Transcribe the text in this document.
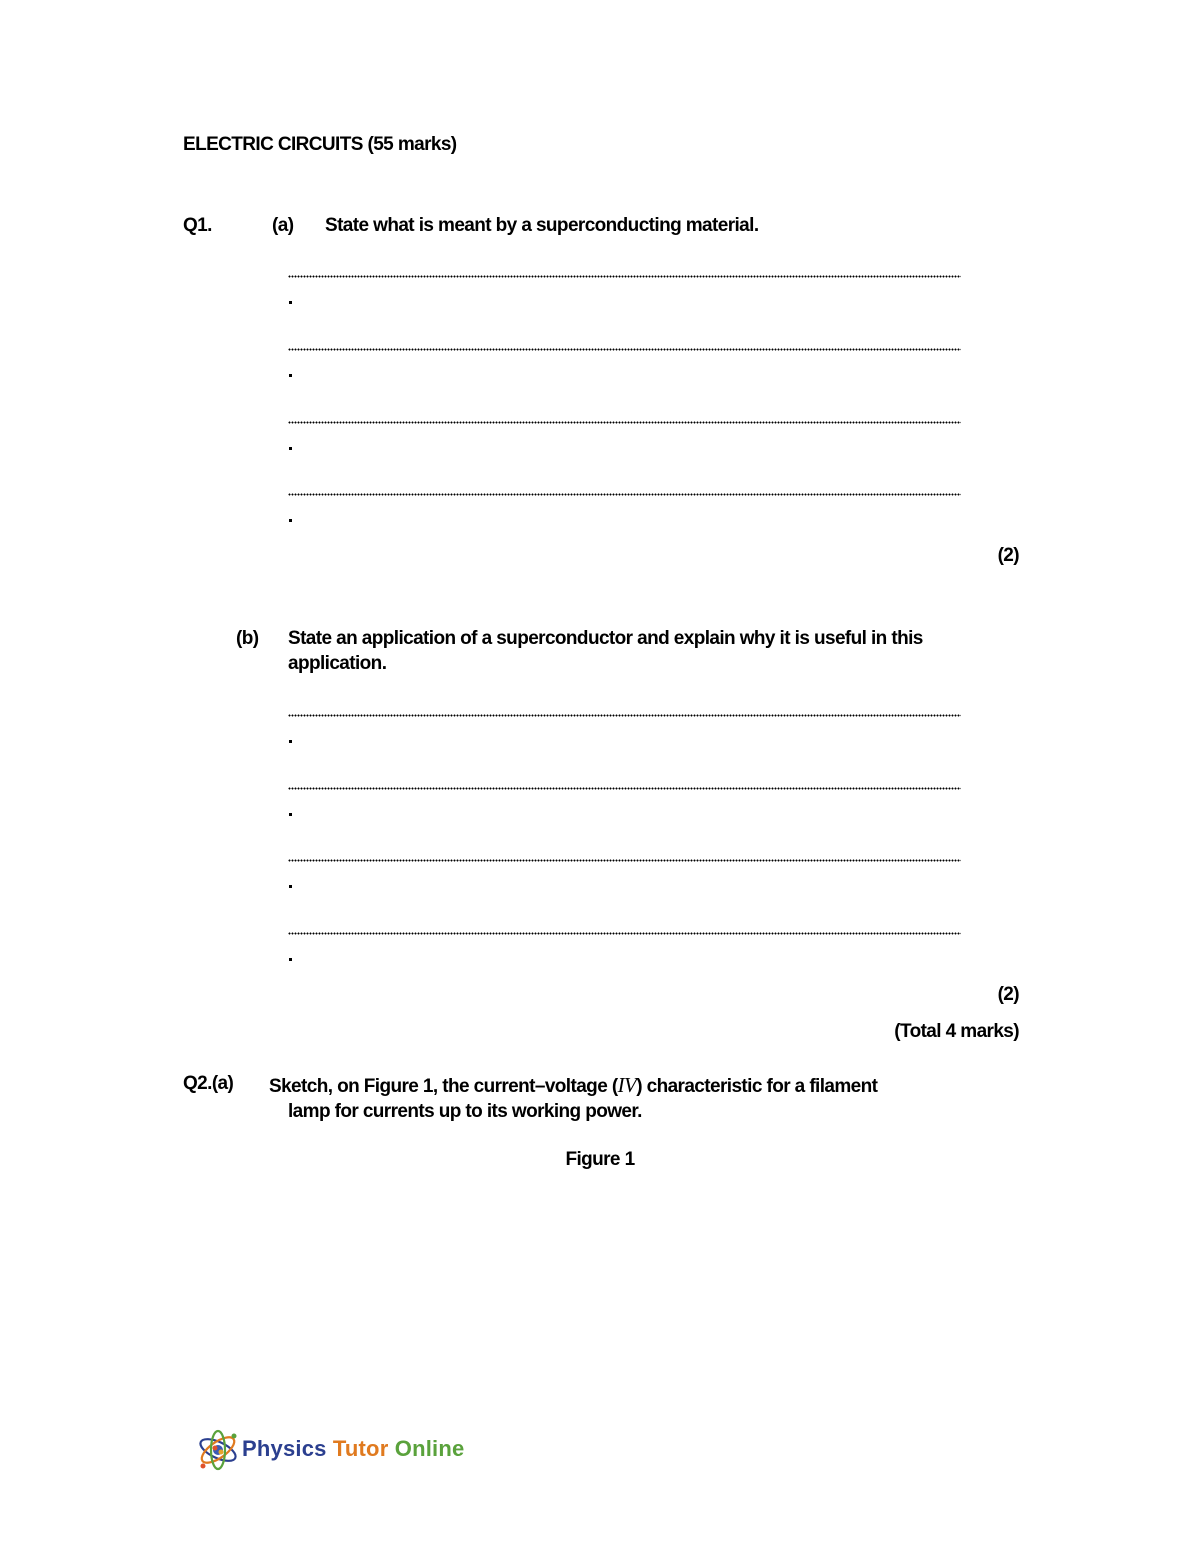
ELECTRIC CIRCUITS (55 marks)
Q1.	(a) State what is meant by a superconducting material.
(2)
(b) State an application of a superconductor and explain why it is useful in this
application.
(2)
(Total 4 marks)
Q2.(a) Sketch, on Figure 1, the current–voltage (IV) characteristic for a filament
lamp for currents up to its working power.
Figure 1
Physics Tutor Online
